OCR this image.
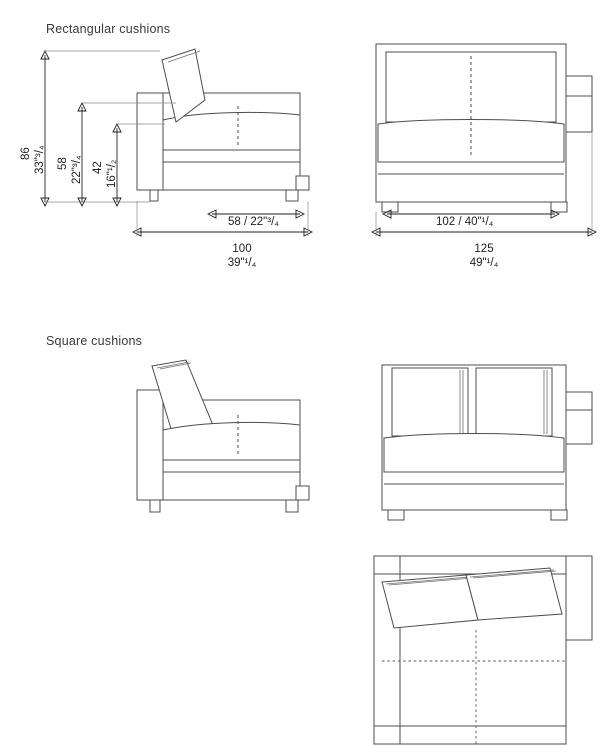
Rectangular cushions
Square cushions
86 33"³/₄ 58 22"³/₄ 42 16"¹/₂
58 / 22"³/₄
100
39"¹/₄
102 / 40"¹/₄
125
49"¹/₄
